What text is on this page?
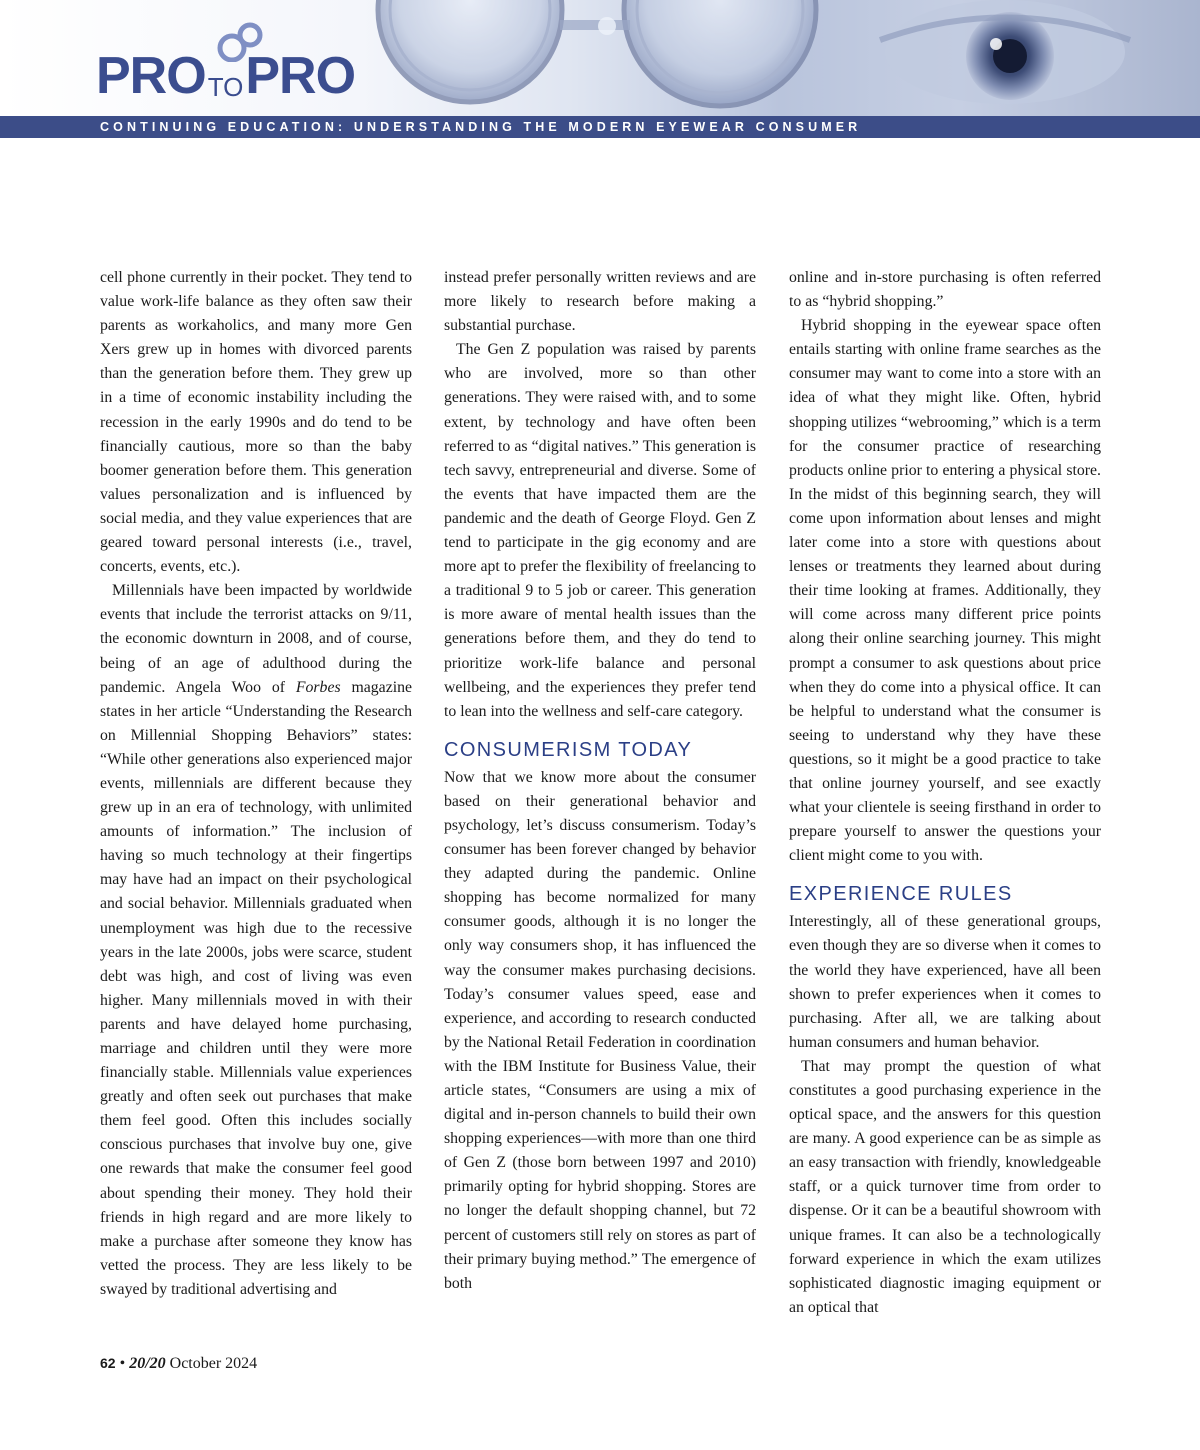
PROTOPRO
CONTINUING EDUCATION: UNDERSTANDING THE MODERN EYEWEAR CONSUMER

cell phone currently in their pocket. They tend to value work-life balance as they often saw their parents as workaholics, and many more Gen Xers grew up in homes with divorced parents than the generation before them. They grew up in a time of economic instability including the recession in the early 1990s and do tend to be financially cautious, more so than the baby boomer generation before them. This generation values personalization and is influenced by social media, and they value experiences that are geared toward personal interests (i.e., travel, concerts, events, etc.).

Millennials have been impacted by worldwide events that include the terrorist attacks on 9/11, the economic downturn in 2008, and of course, being of an age of adulthood during the pandemic. Angela Woo of Forbes magazine states in her article “Understanding the Research on Millennial Shopping Behaviors” states: “While other generations also experienced major events, millennials are different because they grew up in an era of technology, with unlimited amounts of information.” The inclusion of having so much technology at their fingertips may have had an impact on their psychological and social behavior. Millennials graduated when unemployment was high due to the recessive years in the late 2000s, jobs were scarce, student debt was high, and cost of living was even higher. Many millennials moved in with their parents and have delayed home purchasing, marriage and children until they were more financially stable. Millennials value experiences greatly and often seek out purchases that make them feel good. Often this includes socially conscious purchases that involve buy one, give one rewards that make the consumer feel good about spending their money. They hold their friends in high regard and are more likely to make a purchase after someone they know has vetted the process. They are less likely to be swayed by traditional advertising and

instead prefer personally written reviews and are more likely to research before making a substantial purchase.

The Gen Z population was raised by parents who are involved, more so than other generations. They were raised with, and to some extent, by technology and have often been referred to as “digital natives.” This generation is tech savvy, entrepreneurial and diverse. Some of the events that have impacted them are the pandemic and the death of George Floyd. Gen Z tend to participate in the gig economy and are more apt to prefer the flexibility of freelancing to a traditional 9 to 5 job or career. This generation is more aware of mental health issues than the generations before them, and they do tend to prioritize work-life balance and personal wellbeing, and the experiences they prefer tend to lean into the wellness and self-care category.

CONSUMERISM TODAY

Now that we know more about the consumer based on their generational behavior and psychology, let’s discuss consumerism. Today’s consumer has been forever changed by behavior they adapted during the pandemic. Online shopping has become normalized for many consumer goods, although it is no longer the only way consumers shop, it has influenced the way the consumer makes purchasing decisions. Today’s consumer values speed, ease and experience, and according to research conducted by the National Retail Federation in coordination with the IBM Institute for Business Value, their article states, “Consumers are using a mix of digital and in-person channels to build their own shopping experiences—with more than one third of Gen Z (those born between 1997 and 2010) primarily opting for hybrid shopping. Stores are no longer the default shopping channel, but 72 percent of customers still rely on stores as part of their primary buying method.” The emergence of both

online and in-store purchasing is often referred to as “hybrid shopping.”

Hybrid shopping in the eyewear space often entails starting with online frame searches as the consumer may want to come into a store with an idea of what they might like. Often, hybrid shopping utilizes “webrooming,” which is a term for the consumer practice of researching products online prior to entering a physical store. In the midst of this beginning search, they will come upon information about lenses and might later come into a store with questions about lenses or treatments they learned about during their time looking at frames. Additionally, they will come across many different price points along their online searching journey. This might prompt a consumer to ask questions about price when they do come into a physical office. It can be helpful to understand what the consumer is seeing to understand why they have these questions, so it might be a good practice to take that online journey yourself, and see exactly what your clientele is seeing firsthand in order to prepare yourself to answer the questions your client might come to you with.

EXPERIENCE RULES

Interestingly, all of these generational groups, even though they are so diverse when it comes to the world they have experienced, have all been shown to prefer experiences when it comes to purchasing. After all, we are talking about human consumers and human behavior.

That may prompt the question of what constitutes a good purchasing experience in the optical space, and the answers for this question are many. A good experience can be as simple as an easy transaction with friendly, knowledgeable staff, or a quick turnover time from order to dispense. Or it can be a beautiful showroom with unique frames. It can also be a technologically forward experience in which the exam utilizes sophisticated diagnostic imaging equipment or an optical that

62 • 20/20 October 2024
